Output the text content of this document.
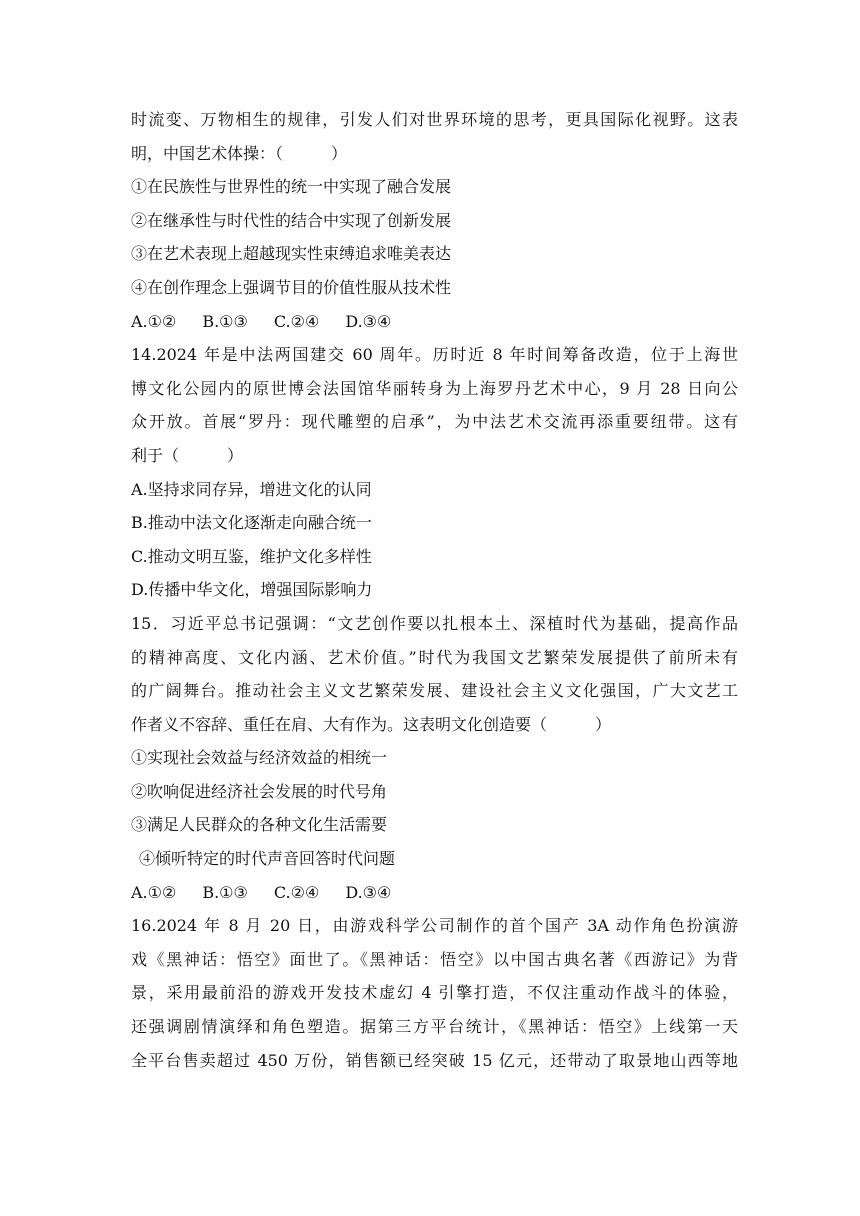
时流变、万物相生的规律，引发人们对世界环境的思考，更具国际化视野。这表
明，中国艺术体操：（　　　）
①在民族性与世界性的统一中实现了融合发展
②在继承性与时代性的结合中实现了创新发展
③在艺术表现上超越现实性束缚追求唯美表达
④在创作理念上强调节目的价值性服从技术性
A.①② B.①③ C.②④ D.③④
14.2024 年是中法两国建交 60 周年。历时近 8 年时间筹备改造，位于上海世
博文化公园内的原世博会法国馆华丽转身为上海罗丹艺术中心，9 月 28 日向公
众开放。首展“罗丹：现代雕塑的启承”，为中法艺术交流再添重要纽带。这有
利于（　　　）
A.坚持求同存异，增进文化的认同
B.推动中法文化逐渐走向融合统一
C.推动文明互鉴，维护文化多样性
D.传播中华文化，增强国际影响力
15．习近平总书记强调：“文艺创作要以扎根本土、深植时代为基础，提高作品
的精神高度、文化内涵、艺术价值。”时代为我国文艺繁荣发展提供了前所未有
的广阔舞台。推动社会主义文艺繁荣发展、建设社会主义文化强国，广大文艺工
作者义不容辞、重任在肩、大有作为。这表明文化创造要（　　　）
①实现社会效益与经济效益的相统一
②吹响促进经济社会发展的时代号角
③满足人民群众的各种文化生活需要
④倾听特定的时代声音回答时代问题
A.①② B.①③ C.②④ D.③④
16.2024 年 8 月 20 日，由游戏科学公司制作的首个国产 3A 动作角色扮演游
戏《黑神话：悟空》面世了。《黑神话：悟空》以中国古典名著《西游记》为背
景，采用最前沿的游戏开发技术虚幻 4 引擎打造，不仅注重动作战斗的体验，
还强调剧情演绎和角色塑造。据第三方平台统计，《黑神话：悟空》上线第一天
全平台售卖超过 450 万份，销售额已经突破 15 亿元，还带动了取景地山西等地
